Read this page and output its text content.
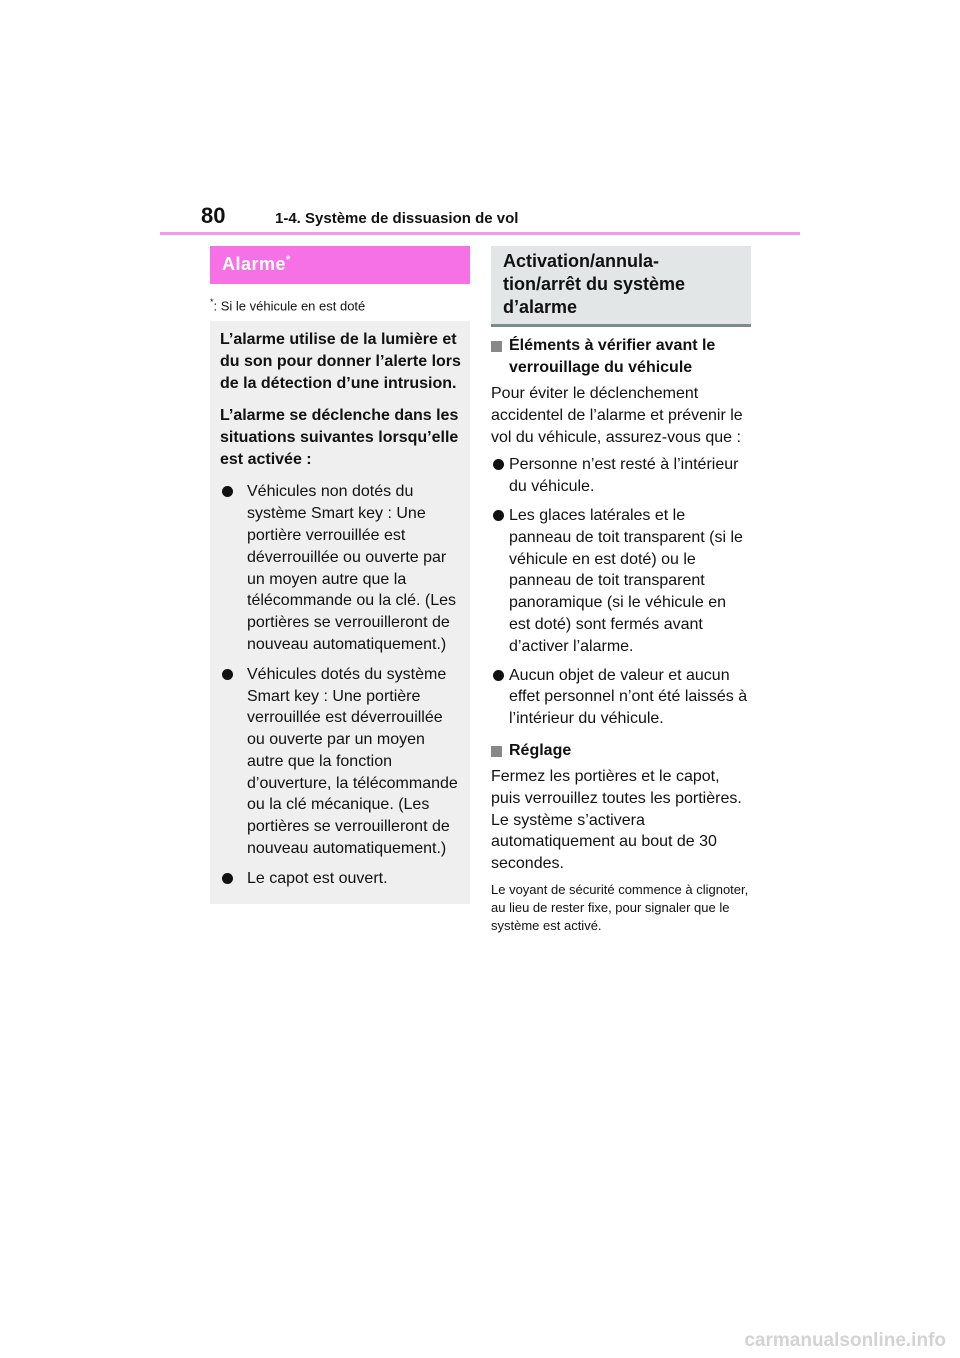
80	1-4. Système de dissuasion de vol
Alarme*

*: Si le véhicule en est doté

L’alarme utilise de la lumière et du son pour donner l’alerte lors de la détection d’une intrusion.

L’alarme se déclenche dans les situations suivantes lorsqu’elle est activée :

Véhicules non dotés du système Smart key : Une portière verrouillée est déverrouillée ou ouverte par un moyen autre que la télécommande ou la clé. (Les portières se verrouilleront de nouveau automatiquement.)
Véhicules dotés du système Smart key : Une portière verrouillée est déverrouillée ou ouverte par un moyen autre que la fonction d’ouverture, la télécommande ou la clé mécanique. (Les portières se verrouilleront de nouveau automatiquement.)
Le capot est ouvert.
Activation/annula-
tion/arrêt du système
d’alarme
Éléments à vérifier avant le verrouillage du véhicule

Pour éviter le déclenchement accidentel de l’alarme et prévenir le vol du véhicule, assurez-vous que :

Personne n’est resté à l’intérieur du véhicule.
Les glaces latérales et le panneau de toit transparent (si le véhicule en est doté) ou le panneau de toit transparent panoramique (si le véhicule en est doté) sont fermés avant d’activer l’alarme.
Aucun objet de valeur et aucun effet personnel n’ont été laissés à l’intérieur du véhicule.
Réglage

Fermez les portières et le capot, puis verrouillez toutes les portières. Le système s’activera automatiquement au bout de 30 secondes.

Le voyant de sécurité commence à clignoter, au lieu de rester fixe, pour signaler que le système est activé.

carmanualsonline.info
